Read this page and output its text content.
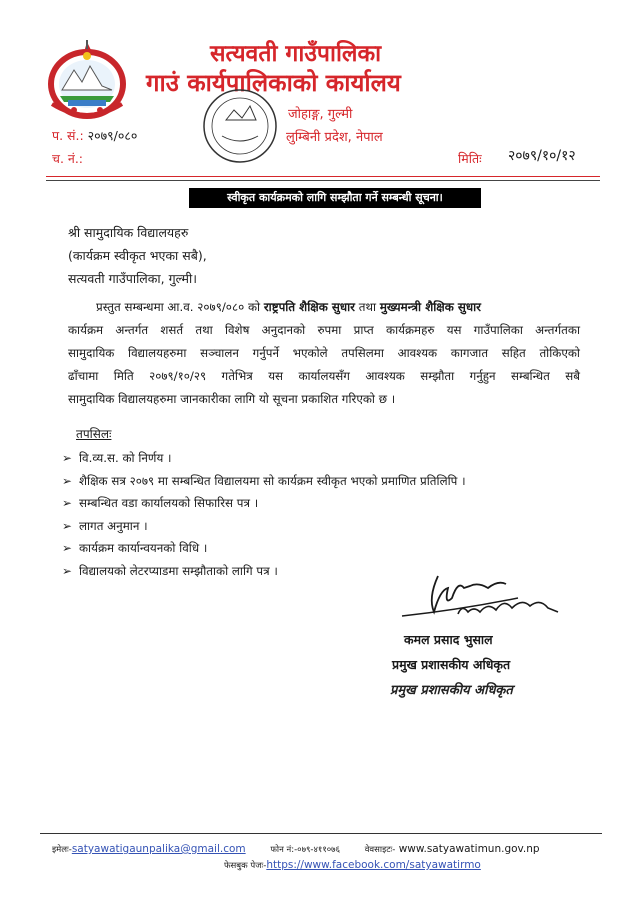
सत्यवती गाउँपालिका
गाउं कार्यपालिकाको कार्यालय
जोहाङ्ग, गुल्मी
लुम्बिनी प्रदेश, नेपाल
प. सं.: २०७९/०८०
च. नं.:	मितिः २०७९/१०/१२
स्वीकृत कार्यक्रमको लागि सम्झौता गर्ने सम्बन्धी सूचना।
श्री सामुदायिक विद्यालयहरु
(कार्यक्रम स्वीकृत भएका सबै),
सत्यवती गाउँपालिका, गुल्मी।
प्रस्तुत सम्बन्धमा आ.व. २०७९/०८० को राष्ट्रपति शैक्षिक सुधार तथा मुख्यमन्त्री शैक्षिक सुधार
कार्यक्रम अन्तर्गत शसर्त तथा विशेष अनुदानको रुपमा प्राप्त कार्यक्रमहरु यस गाउँपालिका अन्तर्गतका
सामुदायिक विद्यालयहरुमा सञ्चालन गर्नुपर्ने भएकोले तपसिलमा आवश्यक कागजात सहित तोकिएको
ढाँचामा मिति २०७९/१०/२९ गतेभित्र यस कार्यालयसँग आवश्यक सम्झौता गर्नुहुन सम्बन्धित सबै
सामुदायिक विद्यालयहरुमा जानकारीका लागि यो सूचना प्रकाशित गरिएको छ ।
तपसिलः
➢ वि.व्य.स. को निर्णय ।
➢ शैक्षिक सत्र २०७९ मा सम्बन्धित विद्यालयमा सो कार्यक्रम स्वीकृत भएको प्रमाणित प्रतिलिपि ।
➢ सम्बन्धित वडा कार्यालयको सिफारिस पत्र ।
➢ लागत अनुमान ।
➢ कार्यक्रम कार्यान्वयनको विधि ।
➢ विद्यालयको लेटरप्याडमा सम्झौताको लागि पत्र ।
कमल प्रसाद भुसाल
प्रमुख प्रशासकीय अधिकृत
प्रमुख प्रशासकीय अधिकृत
इमेलः-satyawatigaunpalika@gmail.com	फोन नं:-०७९-४११०७६	वेवसाइटः- www.satyawatimun.gov.np
फेसबुक पेजः-https://www.facebook.com/satyawatirmo
